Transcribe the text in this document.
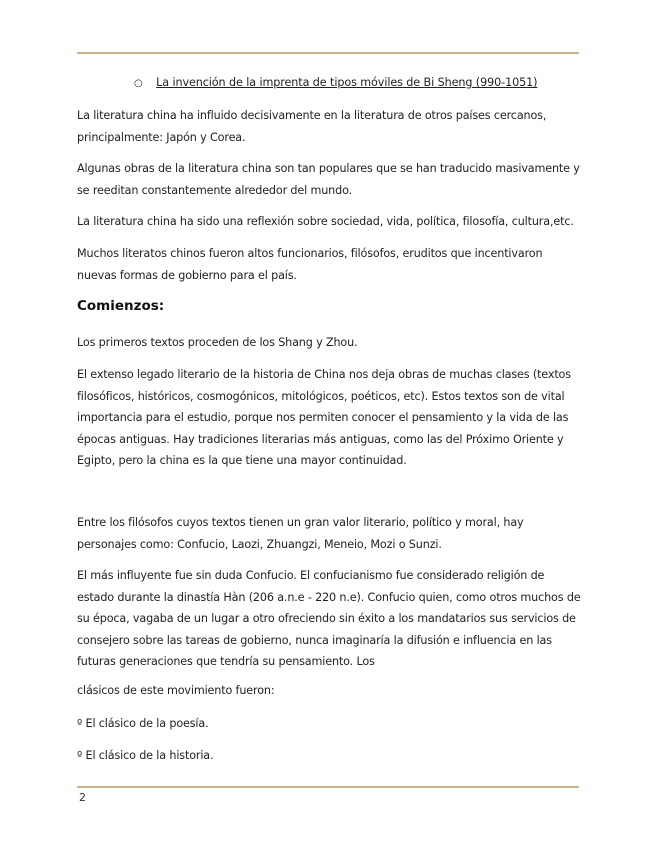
○ La invención de la imprenta de tipos móviles de Bi Sheng (990-1051)

La literatura china ha influido decisivamente en la literatura de otros países cercanos, principalmente: Japón y Corea.

Algunas obras de la literatura china son tan populares que se han traducido masivamente y se reeditan constantemente alrededor del mundo.

La literatura china ha sido una reflexión sobre sociedad, vida, política, filosofía, cultura,etc.

Muchos literatos chinos fueron altos funcionarios, filósofos, eruditos que incentivaron nuevas formas de gobierno para el país.

Comienzos:

Los primeros textos proceden de los Shang y Zhou.

El extenso legado literario de la historia de China nos deja obras de muchas clases (textos filosóficos, históricos, cosmogónicos, mitológicos, poéticos, etc). Estos textos son de vital importancia para el estudio, porque nos permiten conocer el pensamiento y la vida de las épocas antiguas. Hay tradiciones literarias más antiguas, como las del Próximo Oriente y Egipto, pero la china es la que tiene una mayor continuidad.

Entre los filósofos cuyos textos tienen un gran valor literario, político y moral, hay personajes como: Confucio, Laozi, Zhuangzi, Meneio, Mozi o Sunzi.

El más influyente fue sin duda Confucio. El confucianismo fue considerado religión de estado durante la dinastía Hàn (206 a.n.e - 220 n.e). Confucio quien, como otros muchos de su época, vagaba de un lugar a otro ofreciendo sin éxito a los mandatarios sus servicios de consejero sobre las tareas de gobierno, nunca imaginaría la difusión e influencia en las futuras generaciones que tendría su pensamiento. Los

clásicos de este movimiento fueron:

º El clásico de la poesía.

º El clásico de la historia.

2
